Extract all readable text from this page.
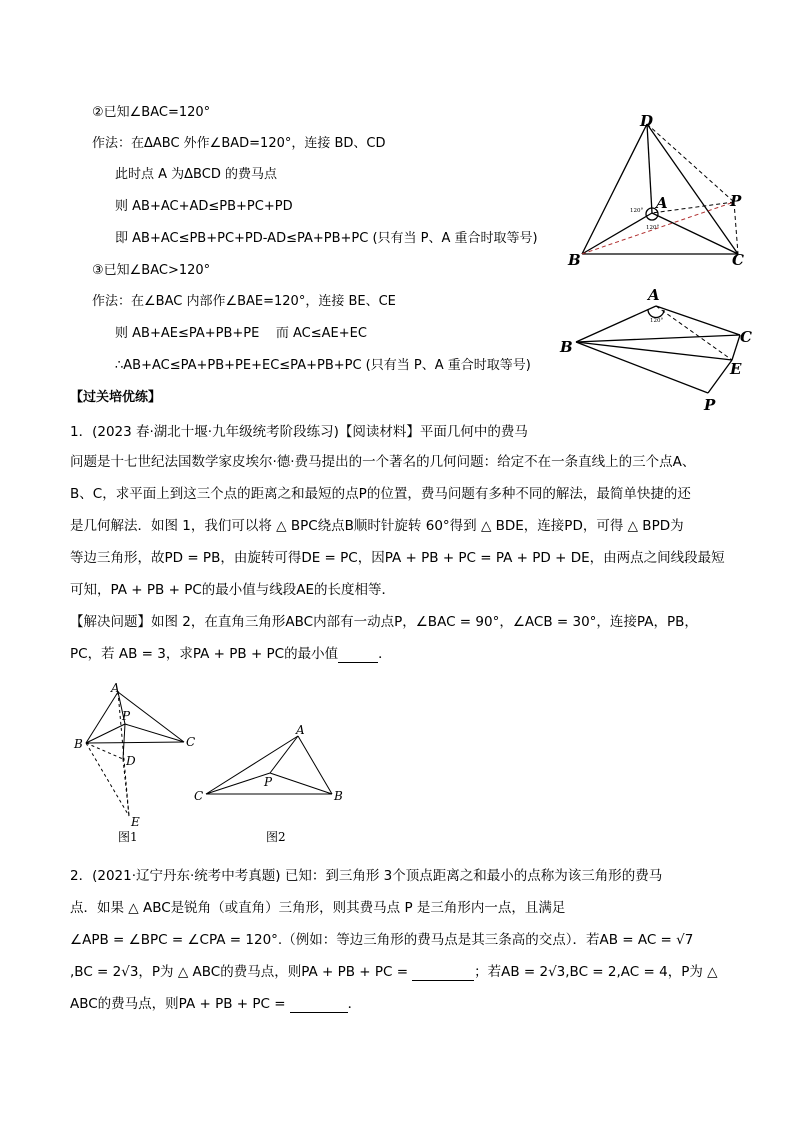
②已知∠BAC=120°
作法：在ΔABC 外作∠BAD=120°，连接 BD、CD
此时点 A 为ΔBCD 的费马点
则 AB+AC+AD≤PB+PC+PD
即 AB+AC≤PB+PC+PD-AD≤PA+PB+PC (只有当 P、A 重合时取等号)
③已知∠BAC>120°
作法：在∠BAC 内部作∠BAE=120°，连接 BE、CE
则 AB+AE≤PA+PB+PE    而 AC≤AE+EC
∴AB+AC≤PA+PB+PE+EC≤PA+PB+PC (只有当 P、A 重合时取等号)
D
A
B	C
P
120°
120°
A
B
C
E
P
120°
【过关培优练】
1．(2023 春·湖北十堰·九年级统考阶段练习)【阅读材料】平面几何中的费马
问题是十七世纪法国数学家皮埃尔·德·费马提出的一个著名的几何问题：给定不在一条直线上的三个点A、
B、C，求平面上到这三个点的距离之和最短的点P的位置，费马问题有多种不同的解法，最简单快捷的还
是几何解法．如图 1，我们可以将 △ BPC绕点B顺时针旋转 60°得到 △ BDE，连接PD，可得 △ BPD为
等边三角形，故PD = PB，由旋转可得DE = PC，因PA + PB + PC = PA + PD + DE，由两点之间线段最短
可知，PA + PB + PC的最小值与线段AE的长度相等．
【解决问题】如图 2，在直角三角形ABC内部有一动点P，∠BAC = 90°，∠ACB = 30°，连接PA，PB，
PC，若 AB = 3，求PA + PB + PC的最小值	．
A
P
B	C
D
E
图1
A
C
P
B
图2
2．(2021·辽宁丹东·统考中考真题) 已知：到三角形 3个顶点距离之和最小的点称为该三角形的费马
点．如果 △ ABC是锐角（或直角）三角形，则其费马点 P 是三角形内一点，且满足
∠APB = ∠BPC = ∠CPA = 120°.（例如：等边三角形的费马点是其三条高的交点）．若AB = AC = √7
,BC = 2√3，P为 △ ABC的费马点，则PA + PB + PC =	；若AB = 2√3,BC = 2,AC = 4，P为 △
ABC的费马点，则PA + PB + PC =	．
